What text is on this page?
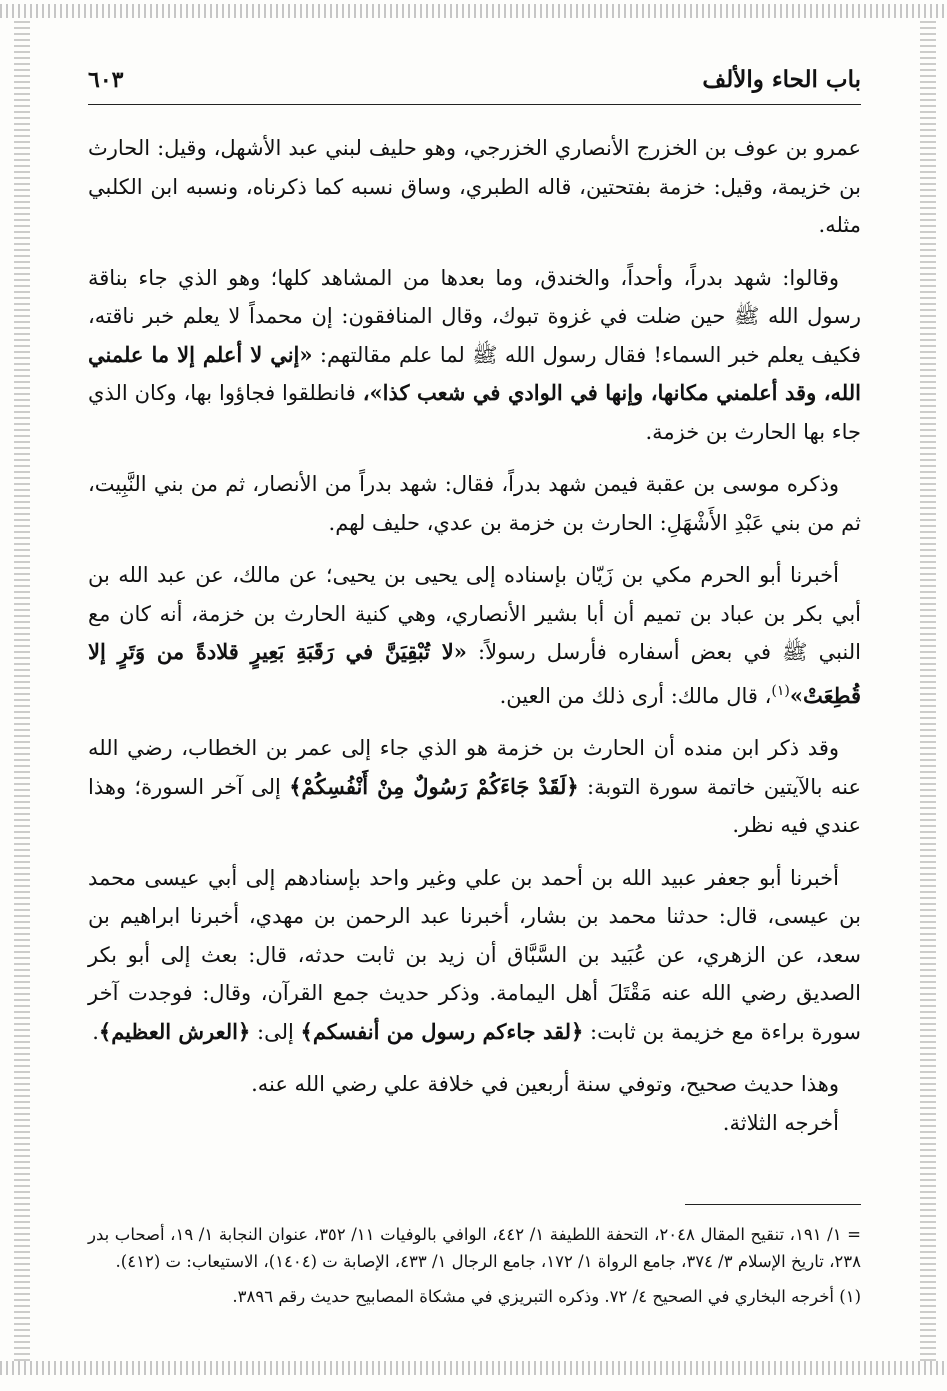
باب الحاء والألف
٦٠٣

عمرو بن عوف بن الخزرج الأنصاري الخزرجي، وهو حليف لبني عبد الأشهل، وقيل: الحارث بن خزيمة، وقيل: خزمة بفتحتين، قاله الطبري، وساق نسبه كما ذكرناه، ونسبه ابن الكلبي مثله.

وقالوا: شهد بدراً، وأحداً، والخندق، وما بعدها من المشاهد كلها؛ وهو الذي جاء بناقة رسول الله ﷺ حين ضلت في غزوة تبوك، وقال المنافقون: إن محمداً لا يعلم خبر ناقته، فكيف يعلم خبر السماء! فقال رسول الله ﷺ لما علم مقالتهم: «إني لا أعلم إلا ما علمني الله، وقد أعلمني مكانها، وإنها في الوادي في شعب كذا»، فانطلقوا فجاؤوا بها، وكان الذي جاء بها الحارث بن خزمة.

وذكره موسى بن عقبة فيمن شهد بدراً، فقال: شهد بدراً من الأنصار، ثم من بني النَّبِيت، ثم من بني عَبْدِ الأَشْهَلِ: الحارث بن خزمة بن عدي، حليف لهم.

أخبرنا أبو الحرم مكي بن زَيّان بإسناده إلى يحيى بن يحيى؛ عن مالك، عن عبد الله بن أبي بكر بن عباد بن تميم أن أبا بشير الأنصاري، وهي كنية الحارث بن خزمة، أنه كان مع النبي ﷺ في بعض أسفاره فأرسل رسولاً: «لا تُبْقِيَنَّ في رَقَبَةِ بَعِيرٍ قلادةً من وَتَرٍ إلا قُطِعَتْ»$^{(١)}$، قال مالك: أرى ذلك من العين.

وقد ذكر ابن منده أن الحارث بن خزمة هو الذي جاء إلى عمر بن الخطاب، رضي الله عنه بالآيتين خاتمة سورة التوبة: ﴿لَقَدْ جَاءَكُمْ رَسُولٌ مِنْ أَنْفُسِكُمْ﴾ إلى آخر السورة؛ وهذا عندي فيه نظر.

أخبرنا أبو جعفر عبيد الله بن أحمد بن علي وغير واحد بإسنادهم إلى أبي عيسى محمد بن عيسى، قال: حدثنا محمد بن بشار، أخبرنا عبد الرحمن بن مهدي، أخبرنا ابراهيم بن سعد، عن الزهري، عن عُبَيد بن السَّبَّاق أن زيد بن ثابت حدثه، قال: بعث إلى أبو بكر الصديق رضي الله عنه مَقْتَلَ أهل اليمامة. وذكر حديث جمع القرآن، وقال: فوجدت آخر سورة براءة مع خزيمة بن ثابت: ﴿لقد جاءكم رسول من أنفسكم﴾ إلى: ﴿العرش العظيم﴾.

وهذا حديث صحيح، وتوفي سنة أربعين في خلافة علي رضي الله عنه.

أخرجه الثلاثة.

= ١/ ١٩١، تنقيح المقال ٢٠٤٨، التحفة اللطيفة ١/ ٤٤٢، الوافي بالوفيات ١١/ ٣٥٢، عنوان النجابة ١/ ١٩، أصحاب بدر ٢٣٨، تاريخ الإسلام ٣/ ٣٧٤، جامع الرواة ١/ ١٧٢، جامع الرجال ١/ ٤٣٣، الإصابة ت (١٤٠٤)، الاستيعاب: ت (٤١٢).

(١) أخرجه البخاري في الصحيح ٤/ ٧٢. وذكره التبريزي في مشكاة المصابيح حديث رقم ٣٨٩٦.
